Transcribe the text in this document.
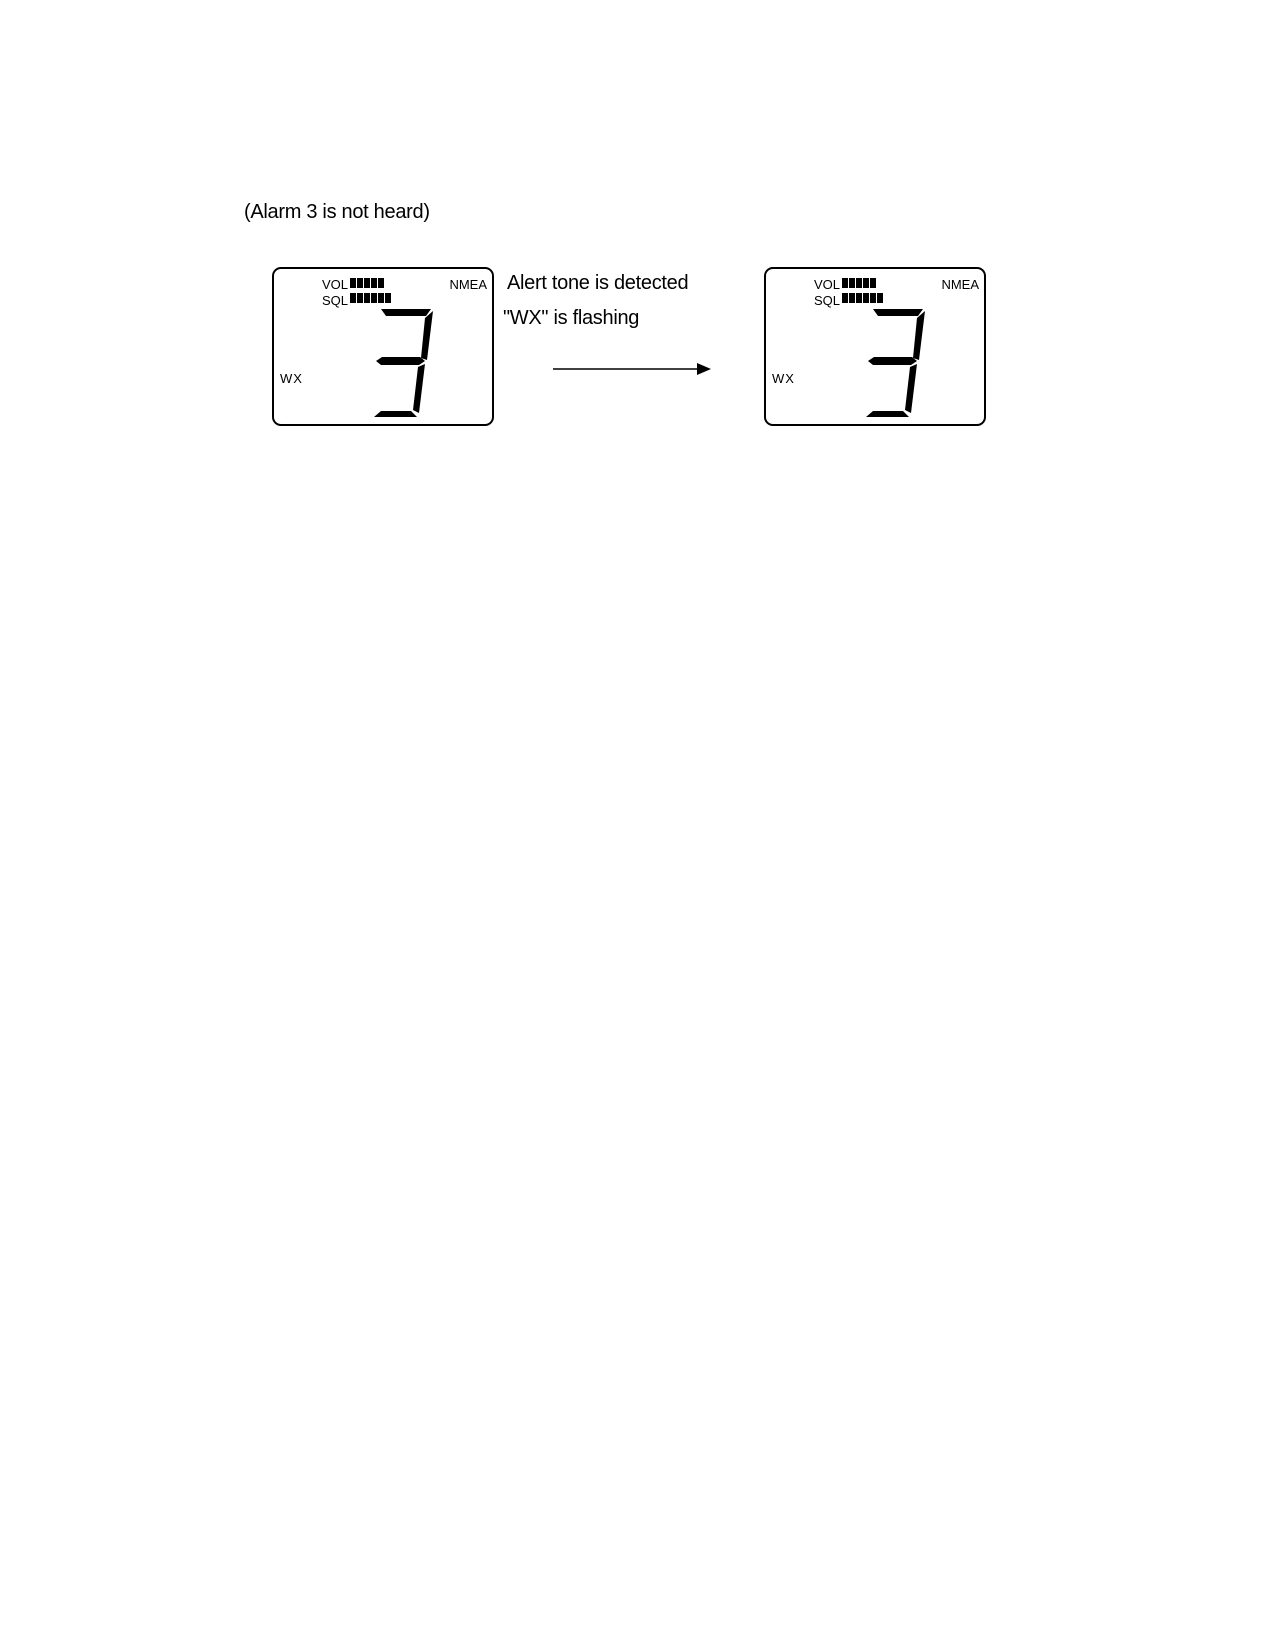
(Alarm 3 is not heard)
VOL
SQL
NMEA
WX
Alert tone is detected
"WX" is flashing
VOL
SQL
NMEA
WX
